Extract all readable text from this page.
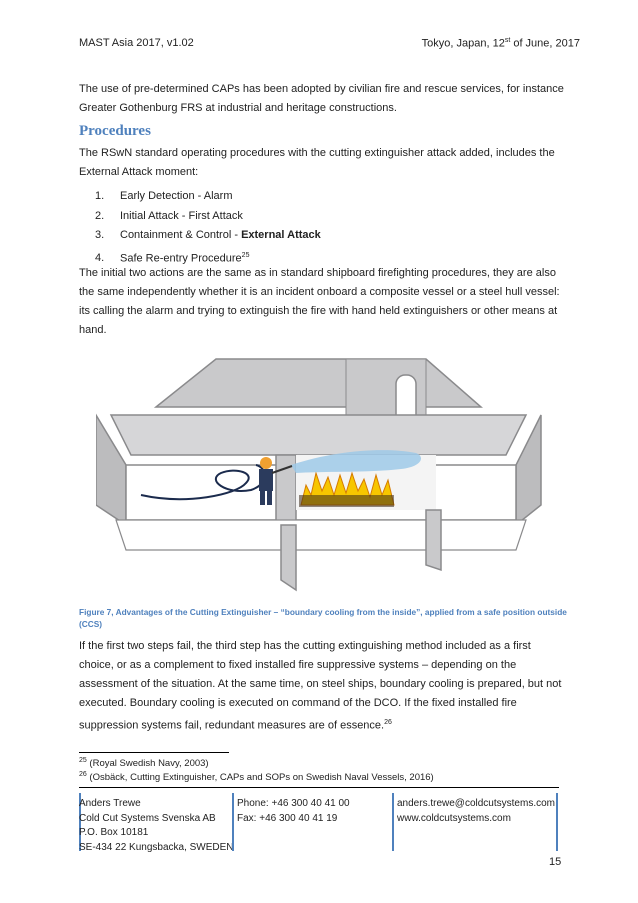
MAST Asia 2017, v1.02	Tokyo, Japan, 12st of June, 2017
The use of pre-determined CAPs has been adopted by civilian fire and rescue services, for instance Greater Gothenburg FRS at industrial and heritage constructions.
Procedures
The RSwN standard operating procedures with the cutting extinguisher attack added, includes the External Attack moment:
1. Early Detection - Alarm
2. Initial Attack - First Attack
3. Containment & Control - External Attack
4. Safe Re-entry Procedure$^{25}$
The initial two actions are the same as in standard shipboard firefighting procedures, they are also the same independently whether it is an incident onboard a composite vessel or a steel hull vessel: its calling the alarm and trying to extinguish the fire with hand held extinguishers or other means at hand.
Figure 7, Advantages of the Cutting Extinguisher – “boundary cooling from the inside”, applied from a safe position outside (CCS)
If the first two steps fail, the third step has the cutting extinguishing method included as a first choice, or as a complement to fixed installed fire suppressive systems – depending on the assessment of the situation. At the same time, on steel ships, boundary cooling is prepared, but not executed. Boundary cooling is executed on command of the DCO. If the fixed installed fire suppression systems fail, redundant measures are of essence.$^{26}$
$^{25}$ (Royal Swedish Navy, 2003)
$^{26}$ (Osbäck, Cutting Extinguisher, CAPs and SOPs on Swedish Naval Vessels, 2016)
Anders Trewe
Cold Cut Systems Svenska AB
P.O. Box 10181
SE-434 22 Kungsbacka, SWEDEN
Phone: +46 300 40 41 00
Fax: +46 300 40 41 19
anders.trewe@coldcutsystems.com
www.coldcutsystems.com
15
